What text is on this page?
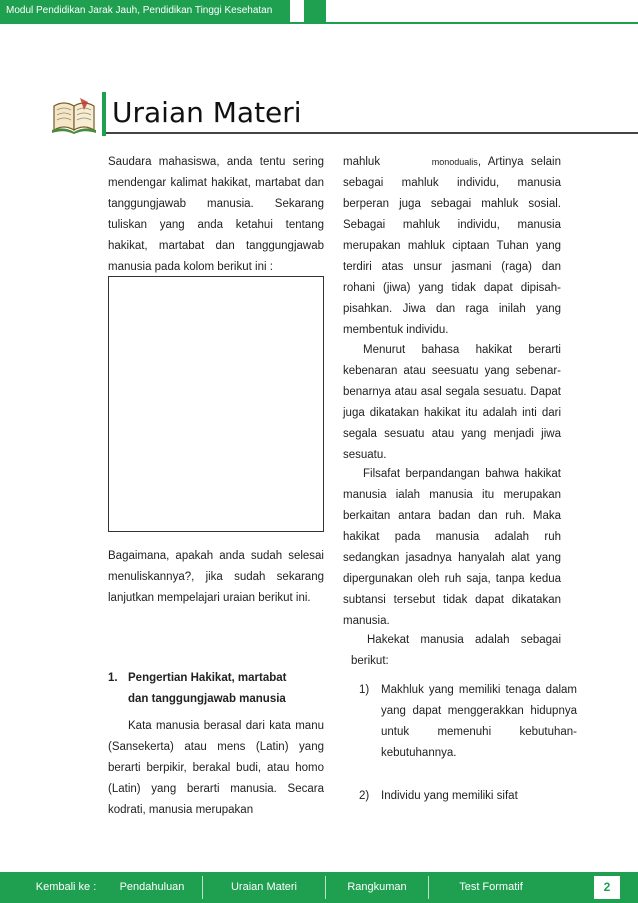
Modul Pendidikan Jarak Jauh, Pendidikan Tinggi Kesehatan
Uraian Materi

Saudara mahasiswa, anda tentu sering mendengar kalimat hakikat, martabat dan tanggungjawab manusia. Sekarang tuliskan yang anda ketahui tentang hakikat, martabat dan tanggungjawab manusia pada kolom berikut ini :

Bagaimana, apakah anda sudah selesai menuliskannya?, jika sudah sekarang lanjutkan mempelajari uraian berikut ini.

1. Pengertian Hakikat, martabat
dan tanggungjawab manusia

Kata manusia berasal dari kata manu (Sansekerta) atau mens (Latin) yang berarti berpikir, berakal budi, atau homo (Latin) yang berarti manusia. Secara kodrati, manusia merupakan

mahluk	monodualis, Artinya selain sebagai mahluk individu, manusia berperan juga sebagai mahluk sosial. Sebagai mahluk individu, manusia merupakan mahluk ciptaan Tuhan yang terdiri atas unsur jasmani (raga) dan rohani (jiwa) yang tidak dapat dipisah-pisahkan. Jiwa dan raga inilah yang membentuk individu.

Menurut bahasa hakikat berarti kebenaran atau seesuatu yang sebenar-benarnya atau asal segala sesuatu. Dapat juga dikatakan hakikat itu adalah inti dari segala sesuatu atau yang menjadi jiwa sesuatu.

Filsafat berpandangan bahwa hakikat manusia ialah manusia itu merupakan berkaitan antara badan dan ruh. Maka hakikat pada manusia adalah ruh sedangkan jasadnya hanyalah alat yang dipergunakan oleh ruh saja, tanpa kedua subtansi tersebut tidak dapat dikatakan manusia.

Hakekat manusia adalah sebagai berikut:

1) Makhluk yang memiliki tenaga dalam yang dapat menggerakkan hidupnya untuk memenuhi kebutuhan-kebutuhannya.
2) Individu yang memiliki sifat
Kembali ke :	Pendahuluan	Uraian Materi	Rangkuman	Test Formatif	2
